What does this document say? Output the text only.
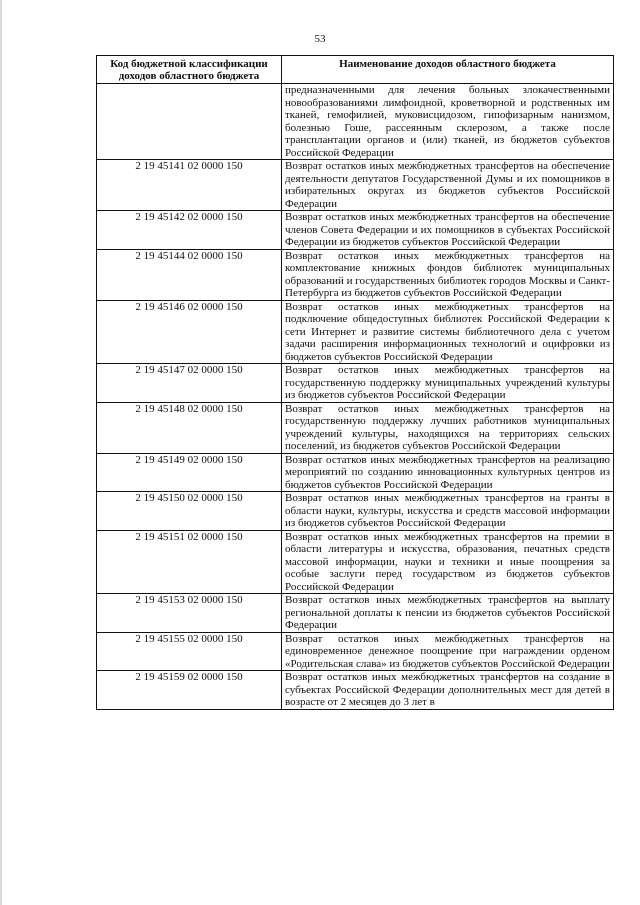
53
Код бюджетной классификации доходов областного бюджета	Наименование доходов областного бюджета
	предназначенными для лечения больных злокачественными новообразованиями лимфоидной, кроветворной и родственных им тканей, гемофилией, муковисцидозом, гипофизарным нанизмом, болезнью Гоше, рассеянным склерозом, а также после трансплантации органов и (или) тканей, из бюджетов субъектов Российской Федерации
2 19 45141 02 0000 150	Возврат остатков иных межбюджетных трансфертов на обеспечение деятельности депутатов Государственной Думы и их помощников в избирательных округах из бюджетов субъектов Российской Федерации
2 19 45142 02 0000 150	Возврат остатков иных межбюджетных трансфертов на обеспечение членов Совета Федерации и их помощников в субъектах Российской Федерации из бюджетов субъектов Российской Федерации
2 19 45144 02 0000 150	Возврат остатков иных межбюджетных трансфертов на комплектование книжных фондов библиотек муниципальных образований и государственных библиотек городов Москвы и Санкт-Петербурга из бюджетов субъектов Российской Федерации
2 19 45146 02 0000 150	Возврат остатков иных межбюджетных трансфертов на подключение общедоступных библиотек Российской Федерации к сети Интернет и развитие системы библиотечного дела с учетом задачи расширения информационных технологий и оцифровки из бюджетов субъектов Российской Федерации
2 19 45147 02 0000 150	Возврат остатков иных межбюджетных трансфертов на государственную поддержку муниципальных учреждений культуры из бюджетов субъектов Российской Федерации
2 19 45148 02 0000 150	Возврат остатков иных межбюджетных трансфертов на государственную поддержку лучших работников муниципальных учреждений культуры, находящихся на территориях сельских поселений, из бюджетов субъектов Российской Федерации
2 19 45149 02 0000 150	Возврат остатков иных межбюджетных трансфертов на реализацию мероприятий по созданию инновационных культурных центров из бюджетов субъектов Российской Федерации
2 19 45150 02 0000 150	Возврат остатков иных межбюджетных трансфертов на гранты в области науки, культуры, искусства и средств массовой информации из бюджетов субъектов Российской Федерации
2 19 45151 02 0000 150	Возврат остатков иных межбюджетных трансфертов на премии в области литературы и искусства, образования, печатных средств массовой информации, науки и техники и иные поощрения за особые заслуги перед государством из бюджетов субъектов Российской Федерации
2 19 45153 02 0000 150	Возврат остатков иных межбюджетных трансфертов на выплату региональной доплаты к пенсии из бюджетов субъектов Российской Федерации
2 19 45155 02 0000 150	Возврат остатков иных межбюджетных трансфертов на единовременное денежное поощрение при награждении орденом «Родительская слава» из бюджетов субъектов Российской Федерации
2 19 45159 02 0000 150	Возврат остатков иных межбюджетных трансфертов на создание в субъектах Российской Федерации дополнительных мест для детей в возрасте от 2 месяцев до 3 лет в
